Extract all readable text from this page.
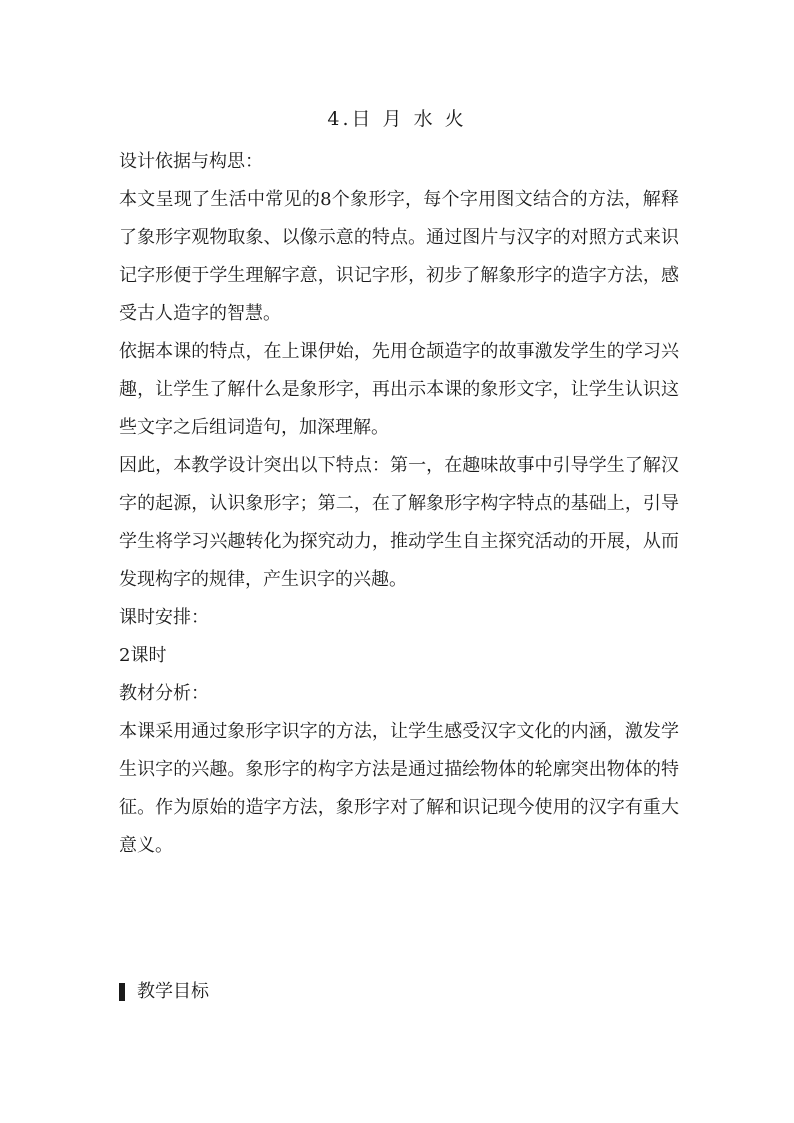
4.日 月 水 火

设计依据与构思：

本文呈现了生活中常见的8个象形字，每个字用图文结合的方法，解释了象形字观物取象、以像示意的特点。通过图片与汉字的对照方式来识记字形便于学生理解字意，识记字形，初步了解象形字的造字方法，感受古人造字的智慧。

依据本课的特点，在上课伊始，先用仓颉造字的故事激发学生的学习兴趣，让学生了解什么是象形字，再出示本课的象形文字，让学生认识这些文字之后组词造句，加深理解。

因此，本教学设计突出以下特点：第一，在趣味故事中引导学生了解汉字的起源，认识象形字；第二，在了解象形字构字特点的基础上，引导学生将学习兴趣转化为探究动力，推动学生自主探究活动的开展，从而发现构字的规律，产生识字的兴趣。

课时安排：

2课时

教材分析：

本课采用通过象形字识字的方法，让学生感受汉字文化的内涵，激发学生识字的兴趣。象形字的构字方法是通过描绘物体的轮廓突出物体的特征。作为原始的造字方法，象形字对了解和识记现今使用的汉字有重大意义。

教学目标
